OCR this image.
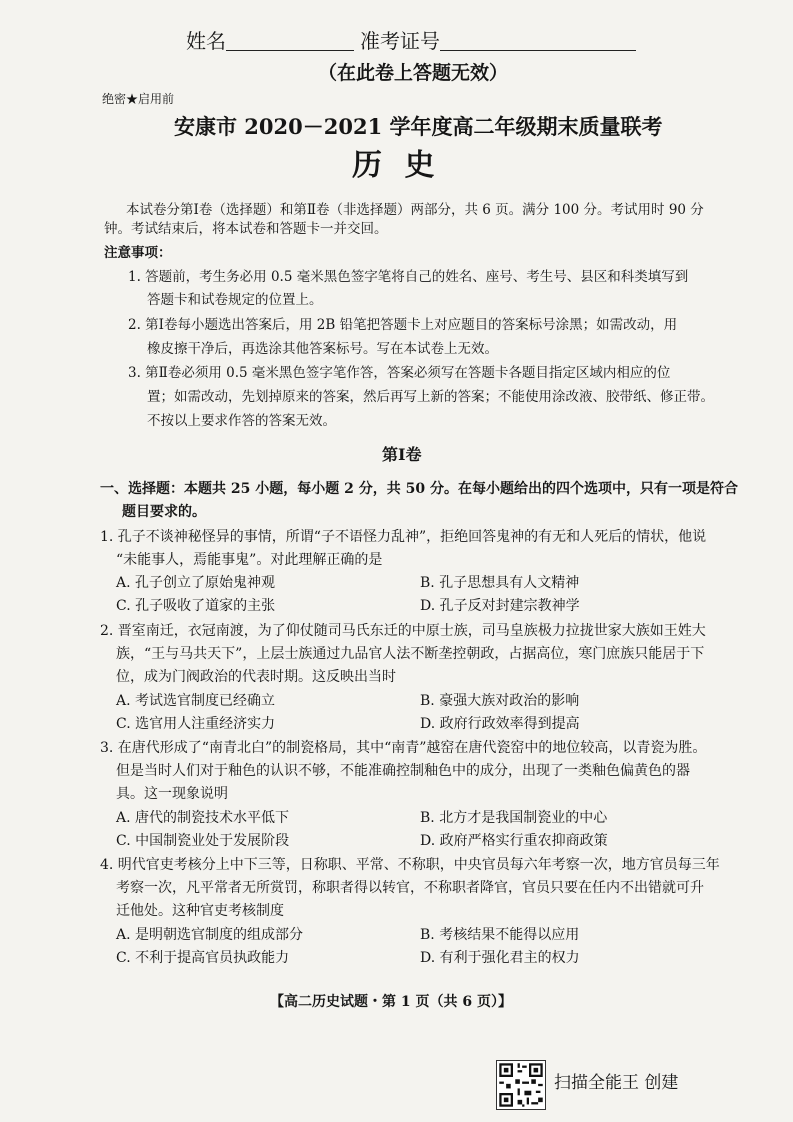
姓名	准考证号
（在此卷上答题无效）
绝密★启用前
安康市 2020－2021 学年度高二年级期末质量联考
历 史
本试卷分第Ⅰ卷（选择题）和第Ⅱ卷（非选择题）两部分，共 6 页。满分 100 分。考试用时 90 分
钟。考试结束后，将本试卷和答题卡一并交回。
注意事项：
1. 答题前，考生务必用 0.5 毫米黑色签字笔将自己的姓名、座号、考生号、县区和科类填写到
答题卡和试卷规定的位置上。
2. 第Ⅰ卷每小题选出答案后，用 2B 铅笔把答题卡上对应题目的答案标号涂黑；如需改动，用
橡皮擦干净后，再选涂其他答案标号。写在本试卷上无效。
3. 第Ⅱ卷必须用 0.5 毫米黑色签字笔作答，答案必须写在答题卡各题目指定区域内相应的位
置；如需改动，先划掉原来的答案，然后再写上新的答案；不能使用涂改液、胶带纸、修正带。
不按以上要求作答的答案无效。
第Ⅰ卷
一、选择题：本题共 25 小题，每小题 2 分，共 50 分。在每小题给出的四个选项中，只有一项是符合
题目要求的。
1. 孔子不谈神秘怪异的事情，所谓“子不语怪力乱神”，拒绝回答鬼神的有无和人死后的情状，他说
“未能事人，焉能事鬼”。对此理解正确的是
A. 孔子创立了原始鬼神观	B. 孔子思想具有人文精神
C. 孔子吸收了道家的主张	D. 孔子反对封建宗教神学
2. 晋室南迁，衣冠南渡，为了仰仗随司马氏东迁的中原士族，司马皇族极力拉拢世家大族如王姓大
族，“王与马共天下”，上层士族通过九品官人法不断垄控朝政，占据高位，寒门庶族只能居于下
位，成为门阀政治的代表时期。这反映出当时
A. 考试选官制度已经确立	B. 豪强大族对政治的影响
C. 选官用人注重经济实力	D. 政府行政效率得到提高
3. 在唐代形成了“南青北白”的制瓷格局，其中“南青”越窑在唐代瓷窑中的地位较高，以青瓷为胜。
但是当时人们对于釉色的认识不够，不能准确控制釉色中的成分，出现了一类釉色偏黄色的器
具。这一现象说明
A. 唐代的制瓷技术水平低下	B. 北方才是我国制瓷业的中心
C. 中国制瓷业处于发展阶段	D. 政府严格实行重农抑商政策
4. 明代官吏考核分上中下三等，日称职、平常、不称职，中央官员每六年考察一次，地方官员每三年
考察一次，凡平常者无所赏罚，称职者得以转官，不称职者降官，官员只要在任内不出错就可升
迁他处。这种官吏考核制度
A. 是明朝选官制度的组成部分	B. 考核结果不能得以应用
C. 不利于提高官员执政能力	D. 有利于强化君主的权力
【高二历史试题・第 1 页（共 6 页）】
扫描全能王 创建
